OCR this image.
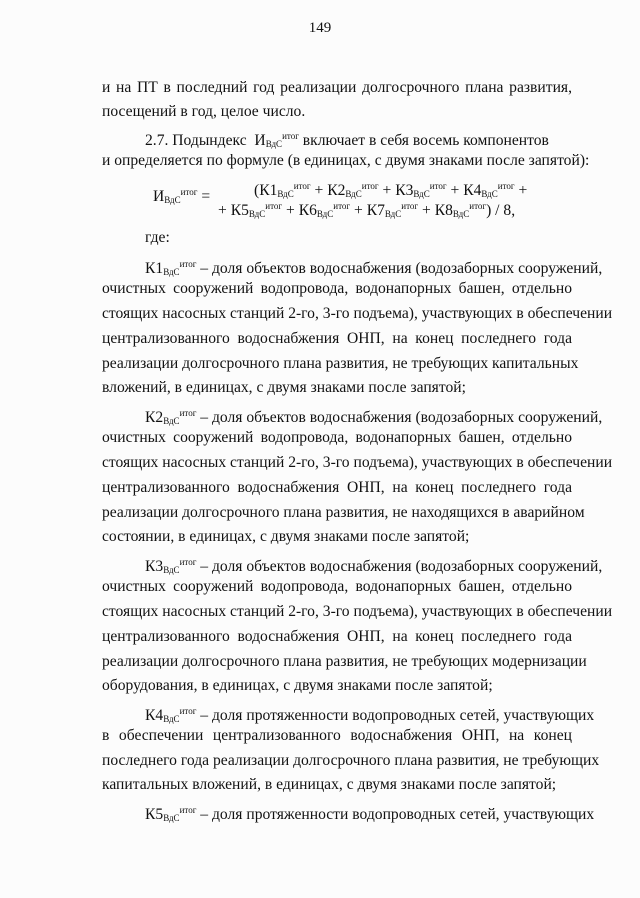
149
и на ПТ в последний год реализации долгосрочного плана развития,
посещений в год, целое число.
2.7. Подындекс $И_{ВдС}^{итог}$ включает в себя восемь компонентов
и определяется по формуле (в единицах, с двумя знаками после запятой):
$И_{ВдС}^{итог}$ =	($К1_{ВдС}^{итог} + К2_{ВдС}^{итог} + К3_{ВдС}^{итог} + К4_{ВдС}^{итог}$ +
+ $К5_{ВдС}^{итог} + К6_{ВдС}^{итог} + К7_{ВдС}^{итог} + К8_{ВдС}^{итог}) / 8$,
где:
$К1_{ВдС}^{итог}$ – доля объектов водоснабжения (водозаборных сооружений,
очистных сооружений водопровода, водонапорных башен, отдельно
стоящих насосных станций 2-го, 3-го подъема), участвующих в обеспечении
централизованного водоснабжения ОНП, на конец последнего года
реализации долгосрочного плана развития, не требующих капитальных
вложений, в единицах, с двумя знаками после запятой;
$К2_{ВдС}^{итог}$ – доля объектов водоснабжения (водозаборных сооружений,
очистных сооружений водопровода, водонапорных башен, отдельно
стоящих насосных станций 2-го, 3-го подъема), участвующих в обеспечении
централизованного водоснабжения ОНП, на конец последнего года
реализации долгосрочного плана развития, не находящихся в аварийном
состоянии, в единицах, с двумя знаками после запятой;
$К3_{ВдС}^{итог}$ – доля объектов водоснабжения (водозаборных сооружений,
очистных сооружений водопровода, водонапорных башен, отдельно
стоящих насосных станций 2-го, 3-го подъема), участвующих в обеспечении
централизованного водоснабжения ОНП, на конец последнего года
реализации долгосрочного плана развития, не требующих модернизации
оборудования, в единицах, с двумя знаками после запятой;
$К4_{ВдС}^{итог}$ – доля протяженности водопроводных сетей, участвующих
в обеспечении централизованного водоснабжения ОНП, на конец
последнего года реализации долгосрочного плана развития, не требующих
капитальных вложений, в единицах, с двумя знаками после запятой;
$К5_{ВдС}^{итог}$ – доля протяженности водопроводных сетей, участвующих
